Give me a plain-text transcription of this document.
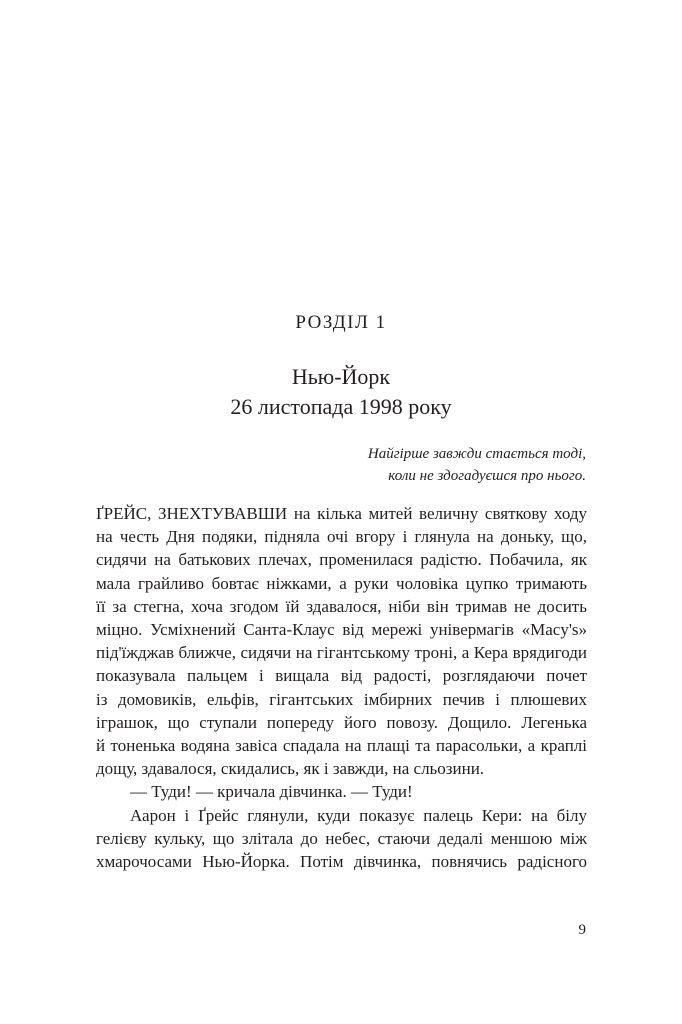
РОЗДІЛ 1
Нью-Йорк
26 листопада 1998 року
Найгірше завжди стається тоді,
коли не здогадуєшся про нього.

ҐРЕЙС, ЗНЕХТУВАВШИ на кілька митей величну святкову ходу

на честь Дня подяки, підняла очі вгору і глянула на доньку, що,

сидячи на батькових плечах, променилася радістю. Побачила, як

мала грайливо бовтає ніжками, а руки чоловіка цупко тримають

її за стегна, хоча згодом їй здавалося, ніби він тримав не досить

міцно. Усміхнений Санта-Клаус від мережі універмагів «Macy's»

під'їжджав ближче, сидячи на гігантському троні, а Кера врядигоди

показувала пальцем і вищала від радості, розглядаючи почет

із домовиків, ельфів, гігантських імбирних печив і плюшевих

іграшок, що ступали попереду його повозу. Дощило. Легенька

й тоненька водяна завіса спадала на плащі та парасольки, а краплі

дощу, здавалося, скидались, як і завжди, на сльозини.

— Туди! — кричала дівчинка. — Туди!

Аарон і Ґрейс глянули, куди показує палець Кери: на білу

гелієву кульку, що злітала до небес, стаючи дедалі меншою між

хмарочосами Нью-Йорка. Потім дівчинка, повнячись радісного

9
